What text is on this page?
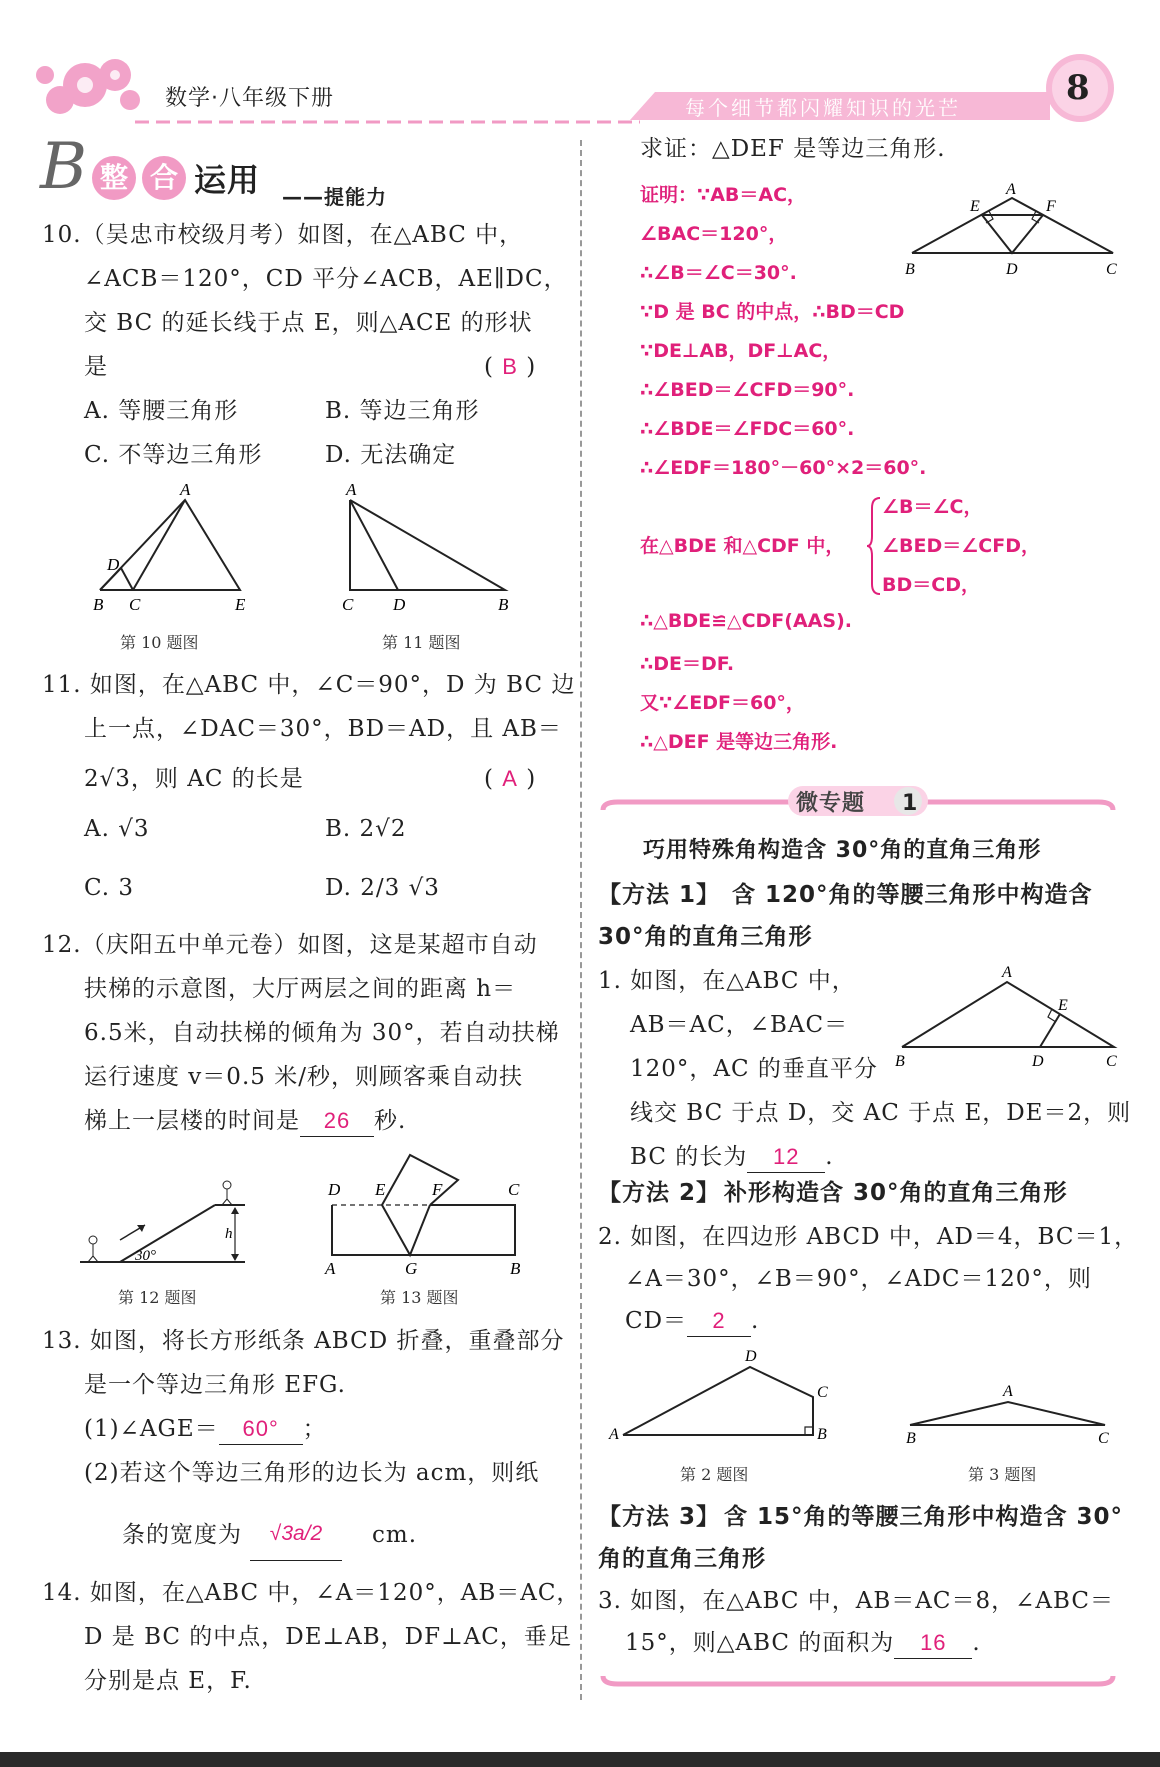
数学·八年级下册	每个细节都闪耀知识的光芒	8
B 整 合 运用 ——提能力
10.（吴忠市校级月考）如图，在△ABC 中，
∠ACB＝120°，CD 平分∠ACB，AE∥DC，
交 BC 的延长线于点 E，则△ACE 的形状
是	( B )
A. 等腰三角形	B. 等边三角形
C. 不等边三角形	D. 无法确定
A
D
B C	E
第 10 题图
A
C D	B
第 11 题图
11. 如图，在△ABC 中，∠C＝90°，D 为 BC 边
上一点，∠DAC＝30°，BD＝AD，且 AB＝
2√3，则 AC 的长是	( A )
A. √3	B. 2√2
C. 3	D. 2/3 √3
12.（庆阳五中单元卷）如图，这是某超市自动
扶梯的示意图，大厅两层之间的距离 h＝
6.5米，自动扶梯的倾角为 30°，若自动扶梯
运行速度 v＝0.5 米/秒，则顾客乘自动扶
梯上一层楼的时间是 26 秒.
30°
h
第 12 题图
D E	F	C
A	G	B
第 13 题图
13. 如图，将长方形纸条 ABCD 折叠，重叠部分
是一个等边三角形 EFG.
(1)∠AGE＝ 60° ；
(2)若这个等边三角形的边长为 acm，则纸
条的宽度为	√3a/2	cm.
14. 如图，在△ABC 中，∠A＝120°，AB＝AC，
D 是 BC 的中点，DE⊥AB，DF⊥AC，垂足
分别是点 E，F.
求证：△DEF 是等边三角形.
证明：∵AB＝AC，
∠BAC＝120°，
∴∠B＝∠C＝30°.
∵D 是 BC 的中点，∴BD＝CD
∵DE⊥AB，DF⊥AC，
∴∠BED＝∠CFD＝90°.
∴∠BDE＝∠FDC＝60°.
∴∠EDF＝180°－60°×2＝60°.
在△BDE 和△CDF 中，
∠B＝∠C，
∠BED＝∠CFD，
BD＝CD，
∴△BDE≌△CDF(AAS).
∴DE＝DF.
又∵∠EDF＝60°，
∴△DEF 是等边三角形.
A
E	F
B	D	C
微专题 1
巧用特殊角构造含 30°角的直角三角形
【方法 1】 含 120°角的等腰三角形中构造含
30°角的直角三角形
1. 如图，在△ABC 中，
AB＝AC，∠BAC＝
120°，AC 的垂直平分
线交 BC 于点 D，交 AC 于点 E，DE＝2，则
BC 的长为 12 .
A
E
B	D	C
【方法 2】 补形构造含 30°角的直角三角形
2. 如图，在四边形 ABCD 中，AD＝4，BC＝1，
∠A＝30°，∠B＝90°，∠ADC＝120°，则
CD＝ 2 .
D
C
A	B
第 2 题图
A
B	C
第 3 题图
【方法 3】 含 15°角的等腰三角形中构造含 30°
角的直角三角形
3. 如图，在△ABC 中，AB＝AC＝8，∠ABC＝
15°，则△ABC 的面积为 16 .
